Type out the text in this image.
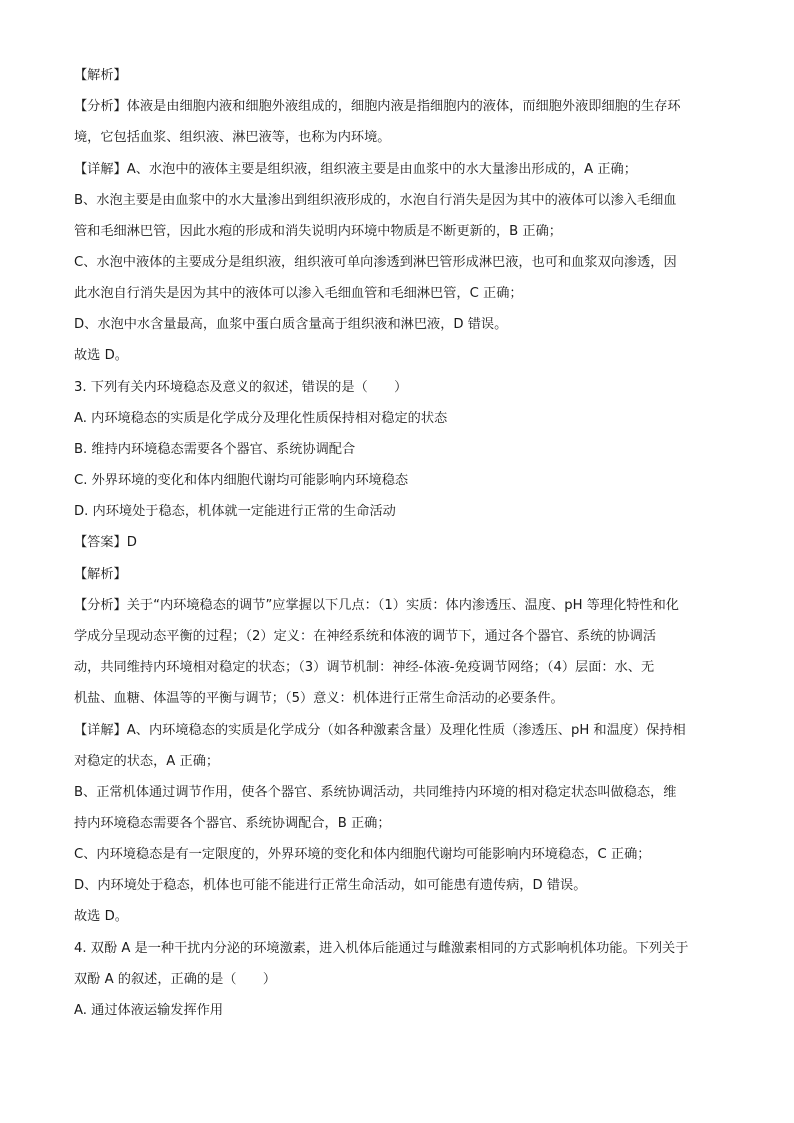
【解析】
【分析】体液是由细胞内液和细胞外液组成的，细胞内液是指细胞内的液体，而细胞外液即细胞的生存环
境，它包括血浆、组织液、淋巴液等，也称为内环境。
【详解】A、水泡中的液体主要是组织液，组织液主要是由血浆中的水大量渗出形成的，A 正确；
B、水泡主要是由血浆中的水大量渗出到组织液形成的，水泡自行消失是因为其中的液体可以渗入毛细血
管和毛细淋巴管，因此水疱的形成和消失说明内环境中物质是不断更新的，B 正确；
C、水泡中液体的主要成分是组织液，组织液可单向渗透到淋巴管形成淋巴液，也可和血浆双向渗透，因
此水泡自行消失是因为其中的液体可以渗入毛细血管和毛细淋巴管，C 正确；
D、水泡中水含量最高，血浆中蛋白质含量高于组织液和淋巴液，D 错误。
故选 D。
3. 下列有关内环境稳态及意义的叙述，错误的是（　　）
A. 内环境稳态的实质是化学成分及理化性质保持相对稳定的状态
B. 维持内环境稳态需要各个器官、系统协调配合
C. 外界环境的变化和体内细胞代谢均可能影响内环境稳态
D. 内环境处于稳态，机体就一定能进行正常的生命活动
【答案】D
【解析】
【分析】关于“内环境稳态的调节”应掌握以下几点：（1）实质：体内渗透压、温度、pH 等理化特性和化
学成分呈现动态平衡的过程；（2）定义：在神经系统和体液的调节下，通过各个器官、系统的协调活
动，共同维持内环境相对稳定的状态；（3）调节机制：神经-体液-免疫调节网络；（4）层面：水、无
机盐、血糖、体温等的平衡与调节；（5）意义：机体进行正常生命活动的必要条件。
【详解】A、内环境稳态的实质是化学成分（如各种激素含量）及理化性质（渗透压、pH 和温度）保持相
对稳定的状态，A 正确；
B、正常机体通过调节作用，使各个器官、系统协调活动，共同维持内环境的相对稳定状态叫做稳态，维
持内环境稳态需要各个器官、系统协调配合，B 正确；
C、内环境稳态是有一定限度的，外界环境的变化和体内细胞代谢均可能影响内环境稳态，C 正确；
D、内环境处于稳态，机体也可能不能进行正常生命活动，如可能患有遗传病，D 错误。
故选 D。
4. 双酚 A 是一种干扰内分泌的环境激素，进入机体后能通过与雌激素相同的方式影响机体功能。下列关于
双酚 A 的叙述，正确的是（　　）
A. 通过体液运输发挥作用
